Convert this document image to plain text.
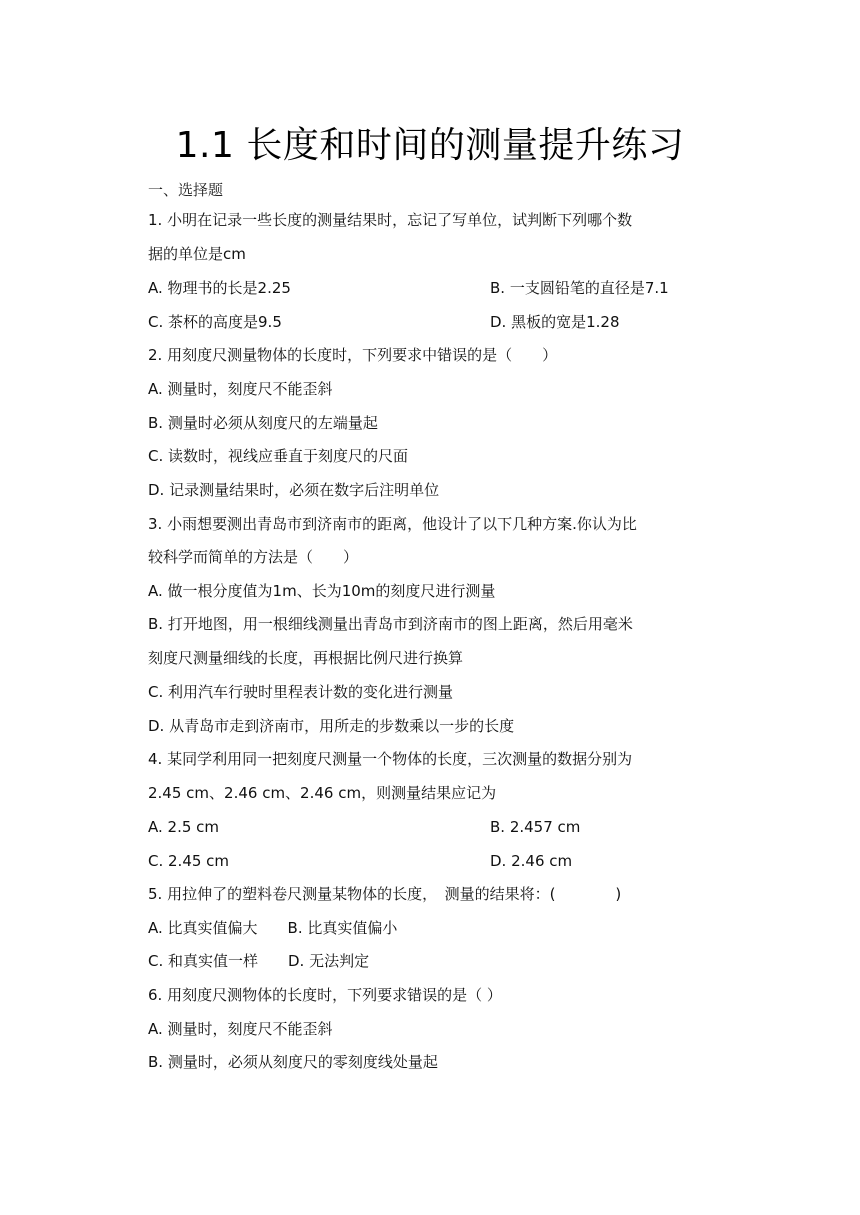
1.1 长度和时间的测量提升练习
一、选择题
1. 小明在记录一些长度的测量结果时，忘记了写单位，试判断下列哪个数
据的单位是cm
A. 物理书的长是2.25	B. 一支圆铅笔的直径是7.1
C. 茶杯的高度是9.5	D. 黑板的宽是1.28
2. 用刻度尺测量物体的长度时，下列要求中错误的是（　　）
A. 测量时，刻度尺不能歪斜
B. 测量时必须从刻度尺的左端量起
C. 读数时，视线应垂直于刻度尺的尺面
D. 记录测量结果时，必须在数字后注明单位
3. 小雨想要测出青岛市到济南市的距离，他设计了以下几种方案.你认为比
较科学而简单的方法是（　　）
A. 做一根分度值为1m、长为10m的刻度尺进行测量
B. 打开地图，用一根细线测量出青岛市到济南市的图上距离，然后用毫米
刻度尺测量细线的长度，再根据比例尺进行换算
C. 利用汽车行驶时里程表计数的变化进行测量
D. 从青岛市走到济南市，用所走的步数乘以一步的长度
4. 某同学利用同一把刻度尺测量一个物体的长度，三次测量的数据分别为
2.45 cm、2.46 cm、2.46 cm，则测量结果应记为
A. 2.5 cm	B. 2.457 cm
C. 2.45 cm	D. 2.46 cm
5. 用拉伸了的塑料卷尺测量某物体的长度，　测量的结果将：(　　　　)
A. 比真实值偏大　　B. 比真实值偏小
C. 和真实值一样　　D. 无法判定
6. 用刻度尺测物体的长度时，下列要求错误的是（ ）
A. 测量时，刻度尺不能歪斜
B. 测量时，必须从刻度尺的零刻度线处量起
